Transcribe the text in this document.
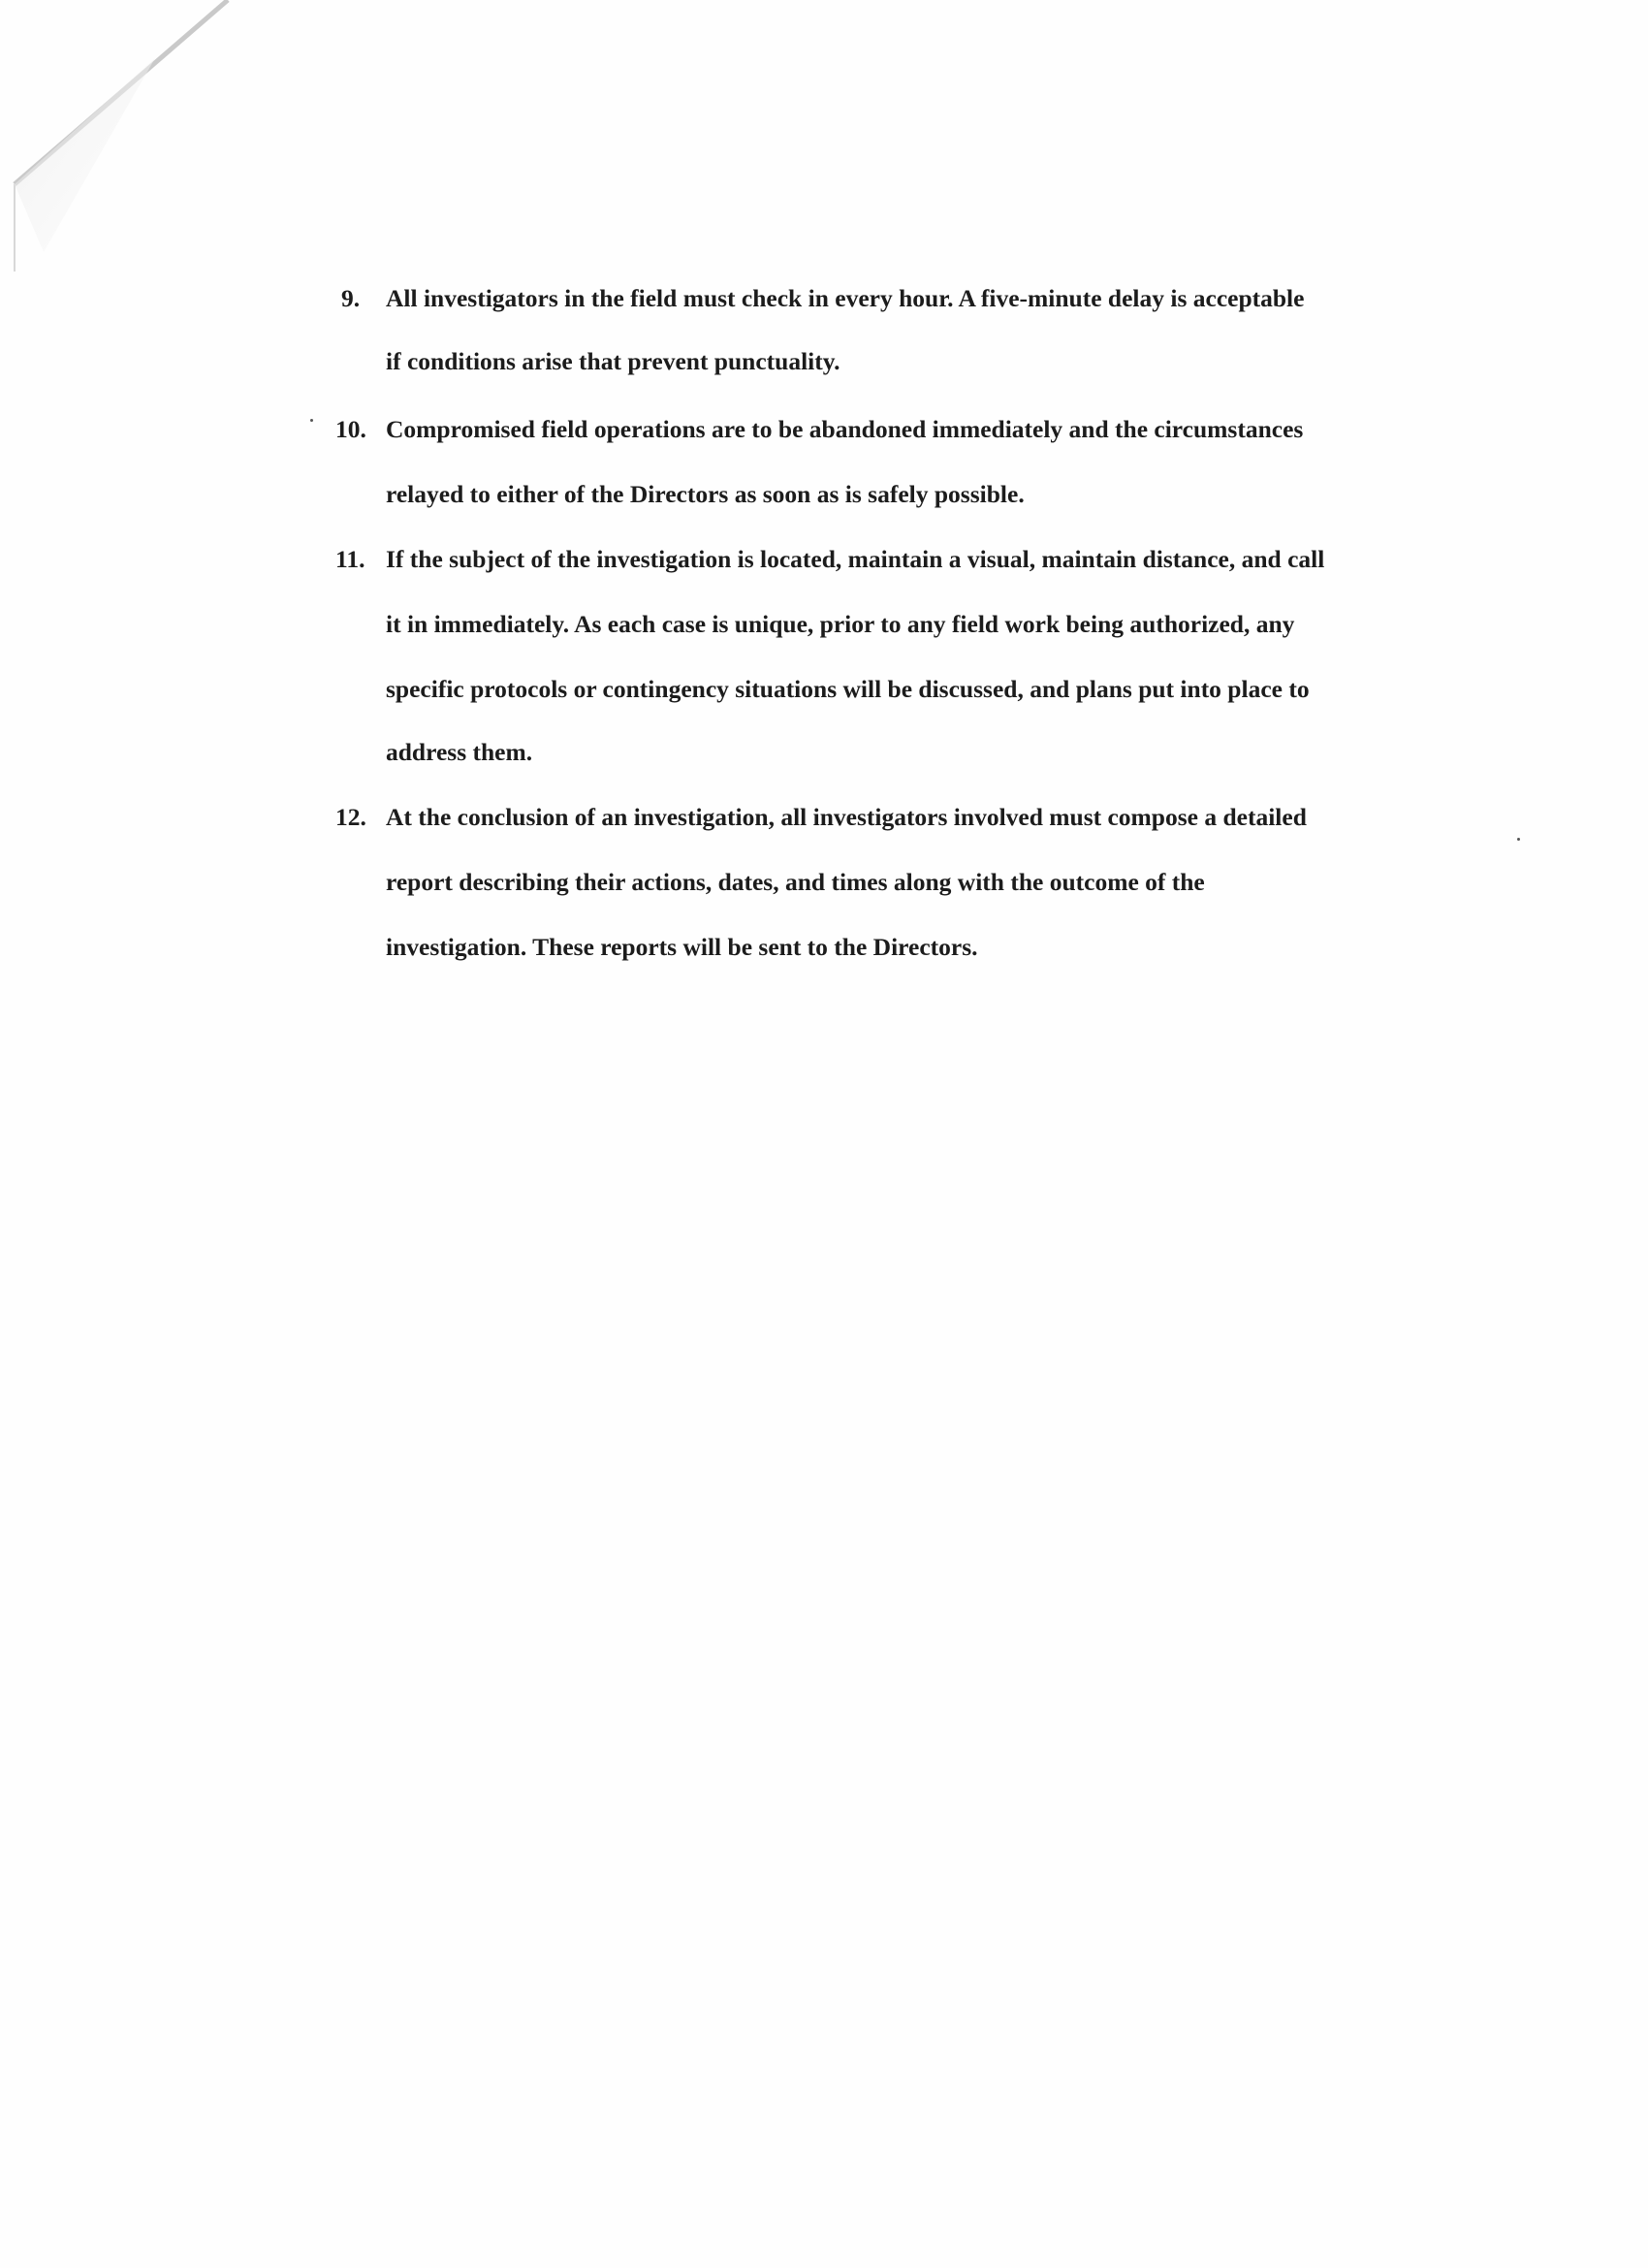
9. All investigators in the field must check in every hour. A five-minute delay is acceptable
if conditions arise that prevent punctuality.
10. Compromised field operations are to be abandoned immediately and the circumstances
relayed to either of the Directors as soon as is safely possible.
11. If the subject of the investigation is located, maintain a visual, maintain distance, and call
it in immediately. As each case is unique, prior to any field work being authorized, any
specific protocols or contingency situations will be discussed, and plans put into place to
address them.
12. At the conclusion of an investigation, all investigators involved must compose a detailed
report describing their actions, dates, and times along with the outcome of the
investigation. These reports will be sent to the Directors.
